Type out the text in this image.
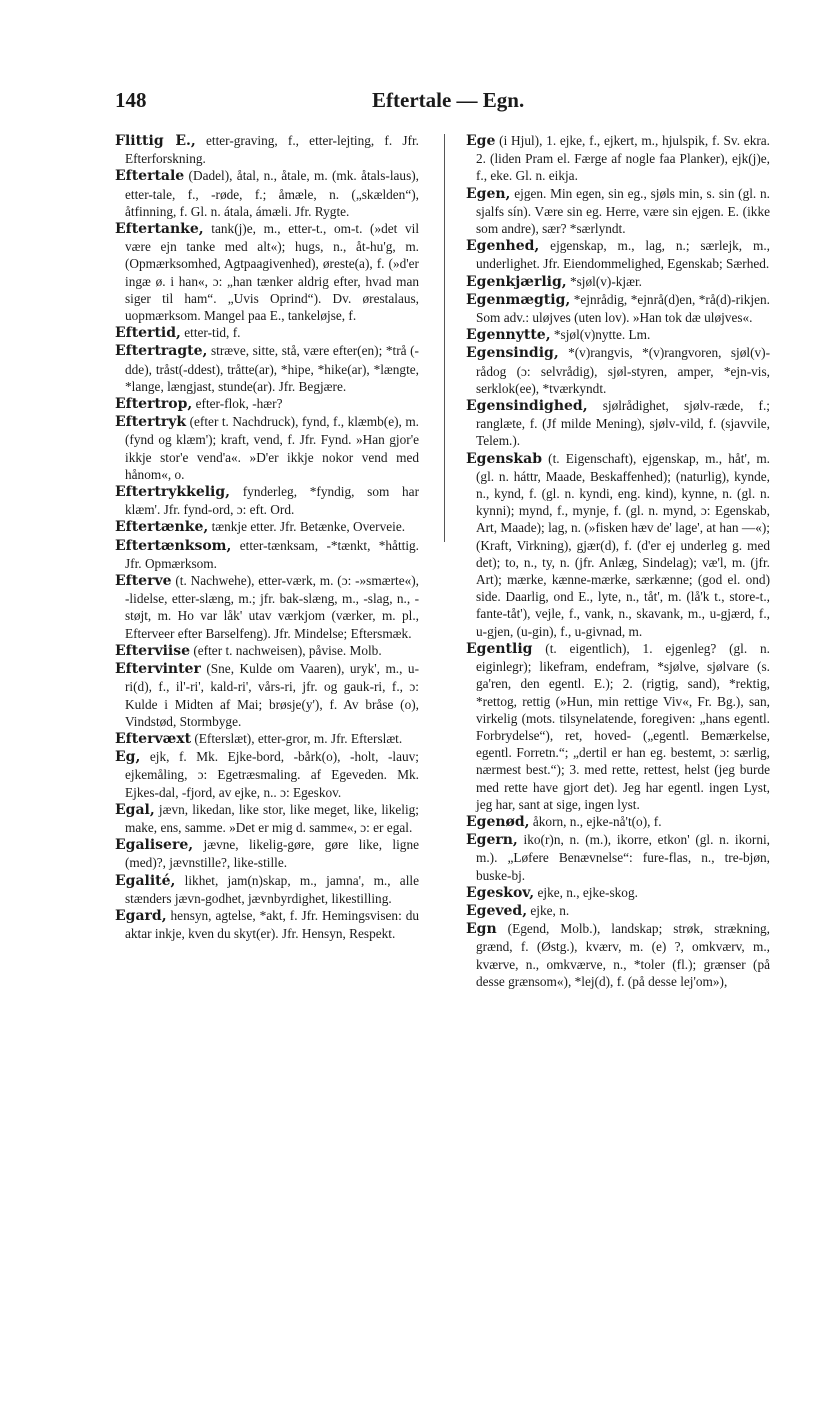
148	Eftertale — Egn.

Flittig E., etter-graving, f., etter-lejting, f. Jfr. Efterforskning.

Eftertale (Dadel), åtal, n., åtale, m. (mk. åtals-laus), etter-tale, f., -røde, f.; åmæle, n. („skælden“), åtfinning, f. Gl. n. átala, ámæli. Jfr. Rygte.

Eftertanke, tank(j)e, m., etter-t., om-t. (»det vil være ejn tanke med alt«); hugs, n., åt-hu'g, m. (Opmærksomhed, Agtpaagivenhed), øreste(a), f. (»d'er ingæ ø. i han«, ɔ: „han tænker aldrig efter, hvad man siger til ham“. „Uvis Oprind“). Dv. ørestalaus, uopmærksom. Mangel paa E., tankeløjse, f.

Eftertid, etter-tid, f.

Eftertragte, stræve, sitte, stå, være efter(en); *trå (-dde), tråst(-ddest), tråtte(ar), *hipe, *hike(ar), *længte, *lange, længjast, stunde(ar). Jfr. Begjære.

Eftertrop, efter-flok, -hær?

Eftertryk (efter t. Nachdruck), fynd, f., klæmb(e), m. (fynd og klæm'); kraft, vend, f. Jfr. Fynd. »Han gjor'e ikkje stor'e vend'a«. »D'er ikkje nokor vend med hånom«, o.

Eftertrykkelig, fynderleg, *fyndig, som har klæm'. Jfr. fynd-ord, ɔ: eft. Ord.

Eftertænke, tænkje etter. Jfr. Betænke, Overveie.

Eftertænksom, etter-tænksam, -*tænkt, *håttig. Jfr. Opmærksom.

Efterve (t. Nachwehe), etter-værk, m. (ɔ: -»smærte«), -lidelse, etter-slæng, m.; jfr. bak-slæng, m., -slag, n., -støjt, m. Ho var låk' utav værkjom (værker, m. pl., Efterveer efter Barselfeng). Jfr. Mindelse; Eftersmæk.

Efterviise (efter t. nachweisen), påvise. Molb.

Eftervinter (Sne, Kulde om Vaaren), uryk', m., u-ri(d), f., il'-ri', kald-ri', vårs-ri, jfr. og gauk-ri, f., ɔ: Kulde i Midten af Mai; brøsje(y'), f. Av bråse (o), Vindstød, Stormbyge.

Eftervæxt (Efterslæt), etter-gror, m. Jfr. Efterslæt.

Eg, ejk, f. Mk. Ejke-bord, -bårk(o), -holt, -lauv; ejkemåling, ɔ: Egetræsmaling. af Egeveden. Mk. Ejkes-dal, -fjord, av ejke, n.. ɔ: Egeskov.

Egal, jævn, likedan, like stor, like meget, like, likelig; make, ens, samme. »Det er mig d. samme«, ɔ: er egal.

Egalisere, jævne, likelig-gøre, gøre like, ligne (med)?, jævnstille?, like-stille.

Egalité, likhet, jam(n)skap, m., jamna', m., alle stænders jævn-godhet, jævnbyrdighet, likestilling.

Egard, hensyn, agtelse, *akt, f. Jfr. Hemingsvisen: du aktar inkje, kven du skyt(er). Jfr. Hensyn, Respekt.

Ege (i Hjul), 1. ejke, f., ejkert, m., hjulspik, f. Sv. ekra. 2. (liden Pram el. Færge af nogle faa Planker), ejk(j)e, f., eke. Gl. n. eikja.

Egen, ejgen. Min egen, sin eg., sjøls min, s. sin (gl. n. sjalfs sín). Være sin eg. Herre, være sin ejgen. E. (ikke som andre), sær? *særlyndt.

Egenhed, ejgenskap, m., lag, n.; særlejk, m., underlighet. Jfr. Eiendommelighed, Egenskab; Særhed.

Egenkjærlig, *sjøl(v)-kjær.

Egenmægtig, *ejnrådig, *ejnrå(d)en, *rå(d)-rikjen. Som adv.: uløjves (uten lov). »Han tok dæ uløjves«.

Egennytte, *sjøl(v)nytte. Lm.

Egensindig, *(v)rangvis, *(v)rangvoren, sjøl(v)-rådog (ɔ: selvrådig), sjøl-styren, amper, *ejn-vis, serklok(ee), *tværkyndt.

Egensindighed, sjølrådighet, sjølv-ræde, f.; ranglæte, f. (Jf milde Mening), sjølv-vild, f. (sjavvile, Telem.).

Egenskab (t. Eigenschaft), ejgenskap, m., håt', m. (gl. n. háttr, Maade, Beskaffenhed); (naturlig), kynde, n., kynd, f. (gl. n. kyndi, eng. kind), kynne, n. (gl. n. kynni); mynd, f., mynje, f. (gl. n. mynd, ɔ: Egenskab, Art, Maade); lag, n. (»fisken hæv de' lage', at han —«); (Kraft, Virkning), gjær(d), f. (d'er ej underleg g. med det); to, n., ty, n. (jfr. Anlæg, Sindelag); væ'l, m. (jfr. Art); mærke, kænne-mærke, særkænne; (god el. ond) side. Daarlig, ond E., lyte, n., tåt', m. (lå'k t., store-t., fante-tåt'), vejle, f., vank, n., skavank, m., u-gjærd, f., u-gjen, (u-gin), f., u-givnad, m.

Egentlig (t. eigentlich), 1. ejgenleg? (gl. n. eiginlegr); likefram, endefram, *sjølve, sjølvare (s. ga'ren, den egentl. E.); 2. (rigtig, sand), *rektig, *rettog, rettig (»Hun, min rettige Viv«, Fr. Bg.), san, virkelig (mots. tilsynelatende, foregiven: „hans egentl. Forbrydelse“), ret, hoved- („egentl. Bemærkelse, egentl. Forretn.“; „dertil er han eg. bestemt, ɔ: særlig, nærmest best.“); 3. med rette, rettest, helst (jeg burde med rette have gjort det). Jeg har egentl. ingen Lyst, jeg har, sant at sige, ingen lyst.

Egenød, åkorn, n., ejke-nå't(o), f.

Egern, iko(r)n, n. (m.), ikorre, etkon' (gl. n. ikorni, m.). „Løfere Benævnelse“: fure-flas, n., tre-bjøn, buske-bj.

Egeskov, ejke, n., ejke-skog.

Egeved, ejke, n.

Egn (Egend, Molb.), landskap; strøk, strækning, grænd, f. (Østg.), kværv, m. (e) ?, omkværv, m., kværve, n., omkværve, n., *toler (fl.); grænser (på desse grænsom«), *lej(d), f. (på desse lej'om»),
